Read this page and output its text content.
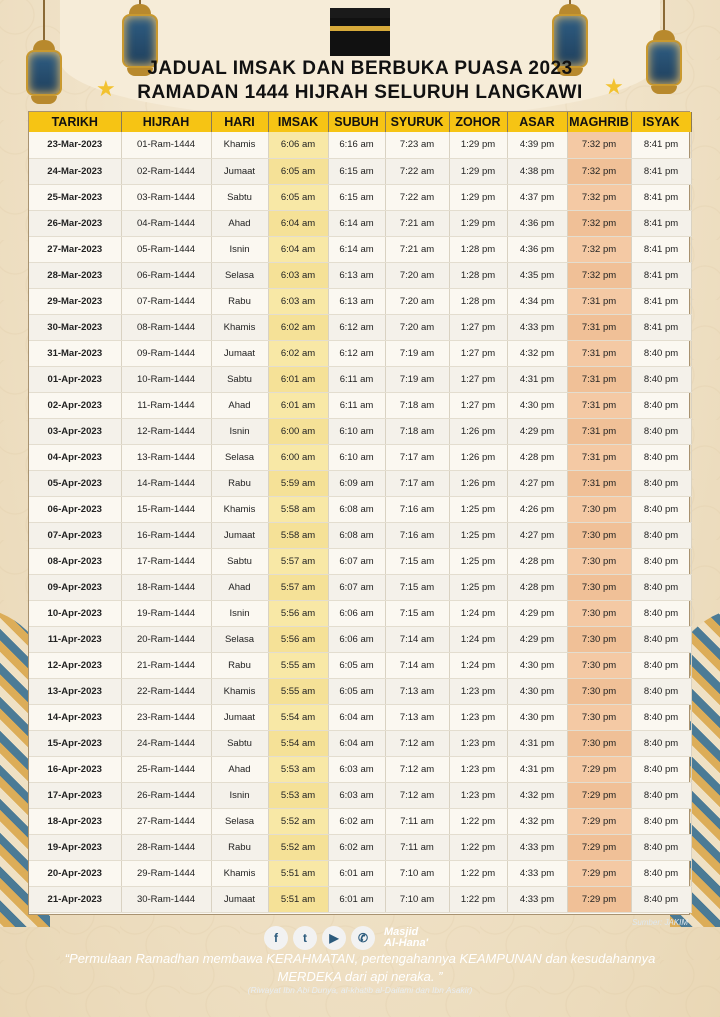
★	★
JADUAL IMSAK DAN BERBUKA PUASA 2023
RAMADAN 1444 HIJRAH SELURUH LANGKAWI
TARIKH	HIJRAH	HARI	IMSAK	SUBUH	SYURUK	ZOHOR	ASAR	MAGHRIB	ISYAK
23-Mar-2023	01-Ram-1444	Khamis	6:06 am	6:16 am	7:23 am	1:29 pm	4:39 pm	7:32 pm	8:41 pm
24-Mar-2023	02-Ram-1444	Jumaat	6:05 am	6:15 am	7:22 am	1:29 pm	4:38 pm	7:32 pm	8:41 pm
25-Mar-2023	03-Ram-1444	Sabtu	6:05 am	6:15 am	7:22 am	1:29 pm	4:37 pm	7:32 pm	8:41 pm
26-Mar-2023	04-Ram-1444	Ahad	6:04 am	6:14 am	7:21 am	1:29 pm	4:36 pm	7:32 pm	8:41 pm
27-Mar-2023	05-Ram-1444	Isnin	6:04 am	6:14 am	7:21 am	1:28 pm	4:36 pm	7:32 pm	8:41 pm
28-Mar-2023	06-Ram-1444	Selasa	6:03 am	6:13 am	7:20 am	1:28 pm	4:35 pm	7:32 pm	8:41 pm
29-Mar-2023	07-Ram-1444	Rabu	6:03 am	6:13 am	7:20 am	1:28 pm	4:34 pm	7:31 pm	8:41 pm
30-Mar-2023	08-Ram-1444	Khamis	6:02 am	6:12 am	7:20 am	1:27 pm	4:33 pm	7:31 pm	8:41 pm
31-Mar-2023	09-Ram-1444	Jumaat	6:02 am	6:12 am	7:19 am	1:27 pm	4:32 pm	7:31 pm	8:40 pm
01-Apr-2023	10-Ram-1444	Sabtu	6:01 am	6:11 am	7:19 am	1:27 pm	4:31 pm	7:31 pm	8:40 pm
02-Apr-2023	11-Ram-1444	Ahad	6:01 am	6:11 am	7:18 am	1:27 pm	4:30 pm	7:31 pm	8:40 pm
03-Apr-2023	12-Ram-1444	Isnin	6:00 am	6:10 am	7:18 am	1:26 pm	4:29 pm	7:31 pm	8:40 pm
04-Apr-2023	13-Ram-1444	Selasa	6:00 am	6:10 am	7:17 am	1:26 pm	4:28 pm	7:31 pm	8:40 pm
05-Apr-2023	14-Ram-1444	Rabu	5:59 am	6:09 am	7:17 am	1:26 pm	4:27 pm	7:31 pm	8:40 pm
06-Apr-2023	15-Ram-1444	Khamis	5:58 am	6:08 am	7:16 am	1:25 pm	4:26 pm	7:30 pm	8:40 pm
07-Apr-2023	16-Ram-1444	Jumaat	5:58 am	6:08 am	7:16 am	1:25 pm	4:27 pm	7:30 pm	8:40 pm
08-Apr-2023	17-Ram-1444	Sabtu	5:57 am	6:07 am	7:15 am	1:25 pm	4:28 pm	7:30 pm	8:40 pm
09-Apr-2023	18-Ram-1444	Ahad	5:57 am	6:07 am	7:15 am	1:25 pm	4:28 pm	7:30 pm	8:40 pm
10-Apr-2023	19-Ram-1444	Isnin	5:56 am	6:06 am	7:15 am	1:24 pm	4:29 pm	7:30 pm	8:40 pm
11-Apr-2023	20-Ram-1444	Selasa	5:56 am	6:06 am	7:14 am	1:24 pm	4:29 pm	7:30 pm	8:40 pm
12-Apr-2023	21-Ram-1444	Rabu	5:55 am	6:05 am	7:14 am	1:24 pm	4:30 pm	7:30 pm	8:40 pm
13-Apr-2023	22-Ram-1444	Khamis	5:55 am	6:05 am	7:13 am	1:23 pm	4:30 pm	7:30 pm	8:40 pm
14-Apr-2023	23-Ram-1444	Jumaat	5:54 am	6:04 am	7:13 am	1:23 pm	4:30 pm	7:30 pm	8:40 pm
15-Apr-2023	24-Ram-1444	Sabtu	5:54 am	6:04 am	7:12 am	1:23 pm	4:31 pm	7:30 pm	8:40 pm
16-Apr-2023	25-Ram-1444	Ahad	5:53 am	6:03 am	7:12 am	1:23 pm	4:31 pm	7:29 pm	8:40 pm
17-Apr-2023	26-Ram-1444	Isnin	5:53 am	6:03 am	7:12 am	1:23 pm	4:32 pm	7:29 pm	8:40 pm
18-Apr-2023	27-Ram-1444	Selasa	5:52 am	6:02 am	7:11 am	1:22 pm	4:32 pm	7:29 pm	8:40 pm
19-Apr-2023	28-Ram-1444	Rabu	5:52 am	6:02 am	7:11 am	1:22 pm	4:33 pm	7:29 pm	8:40 pm
20-Apr-2023	29-Ram-1444	Khamis	5:51 am	6:01 am	7:10 am	1:22 pm	4:33 pm	7:29 pm	8:40 pm
21-Apr-2023	30-Ram-1444	Jumaat	5:51 am	6:01 am	7:10 am	1:22 pm	4:33 pm	7:29 pm	8:40 pm
Sumber: JAKIM
f	t	▶	✆	Masjid
Al-Hana'
“Permulaan Ramadhan membawa KERAHMATAN, pertengahannya KEAMPUNAN dan kesudahannya
MERDEKA dari api neraka. ”
(Riwayat Ibn Abi Dunya, al-khatib al-Dailami dan Ibn Asakir)
